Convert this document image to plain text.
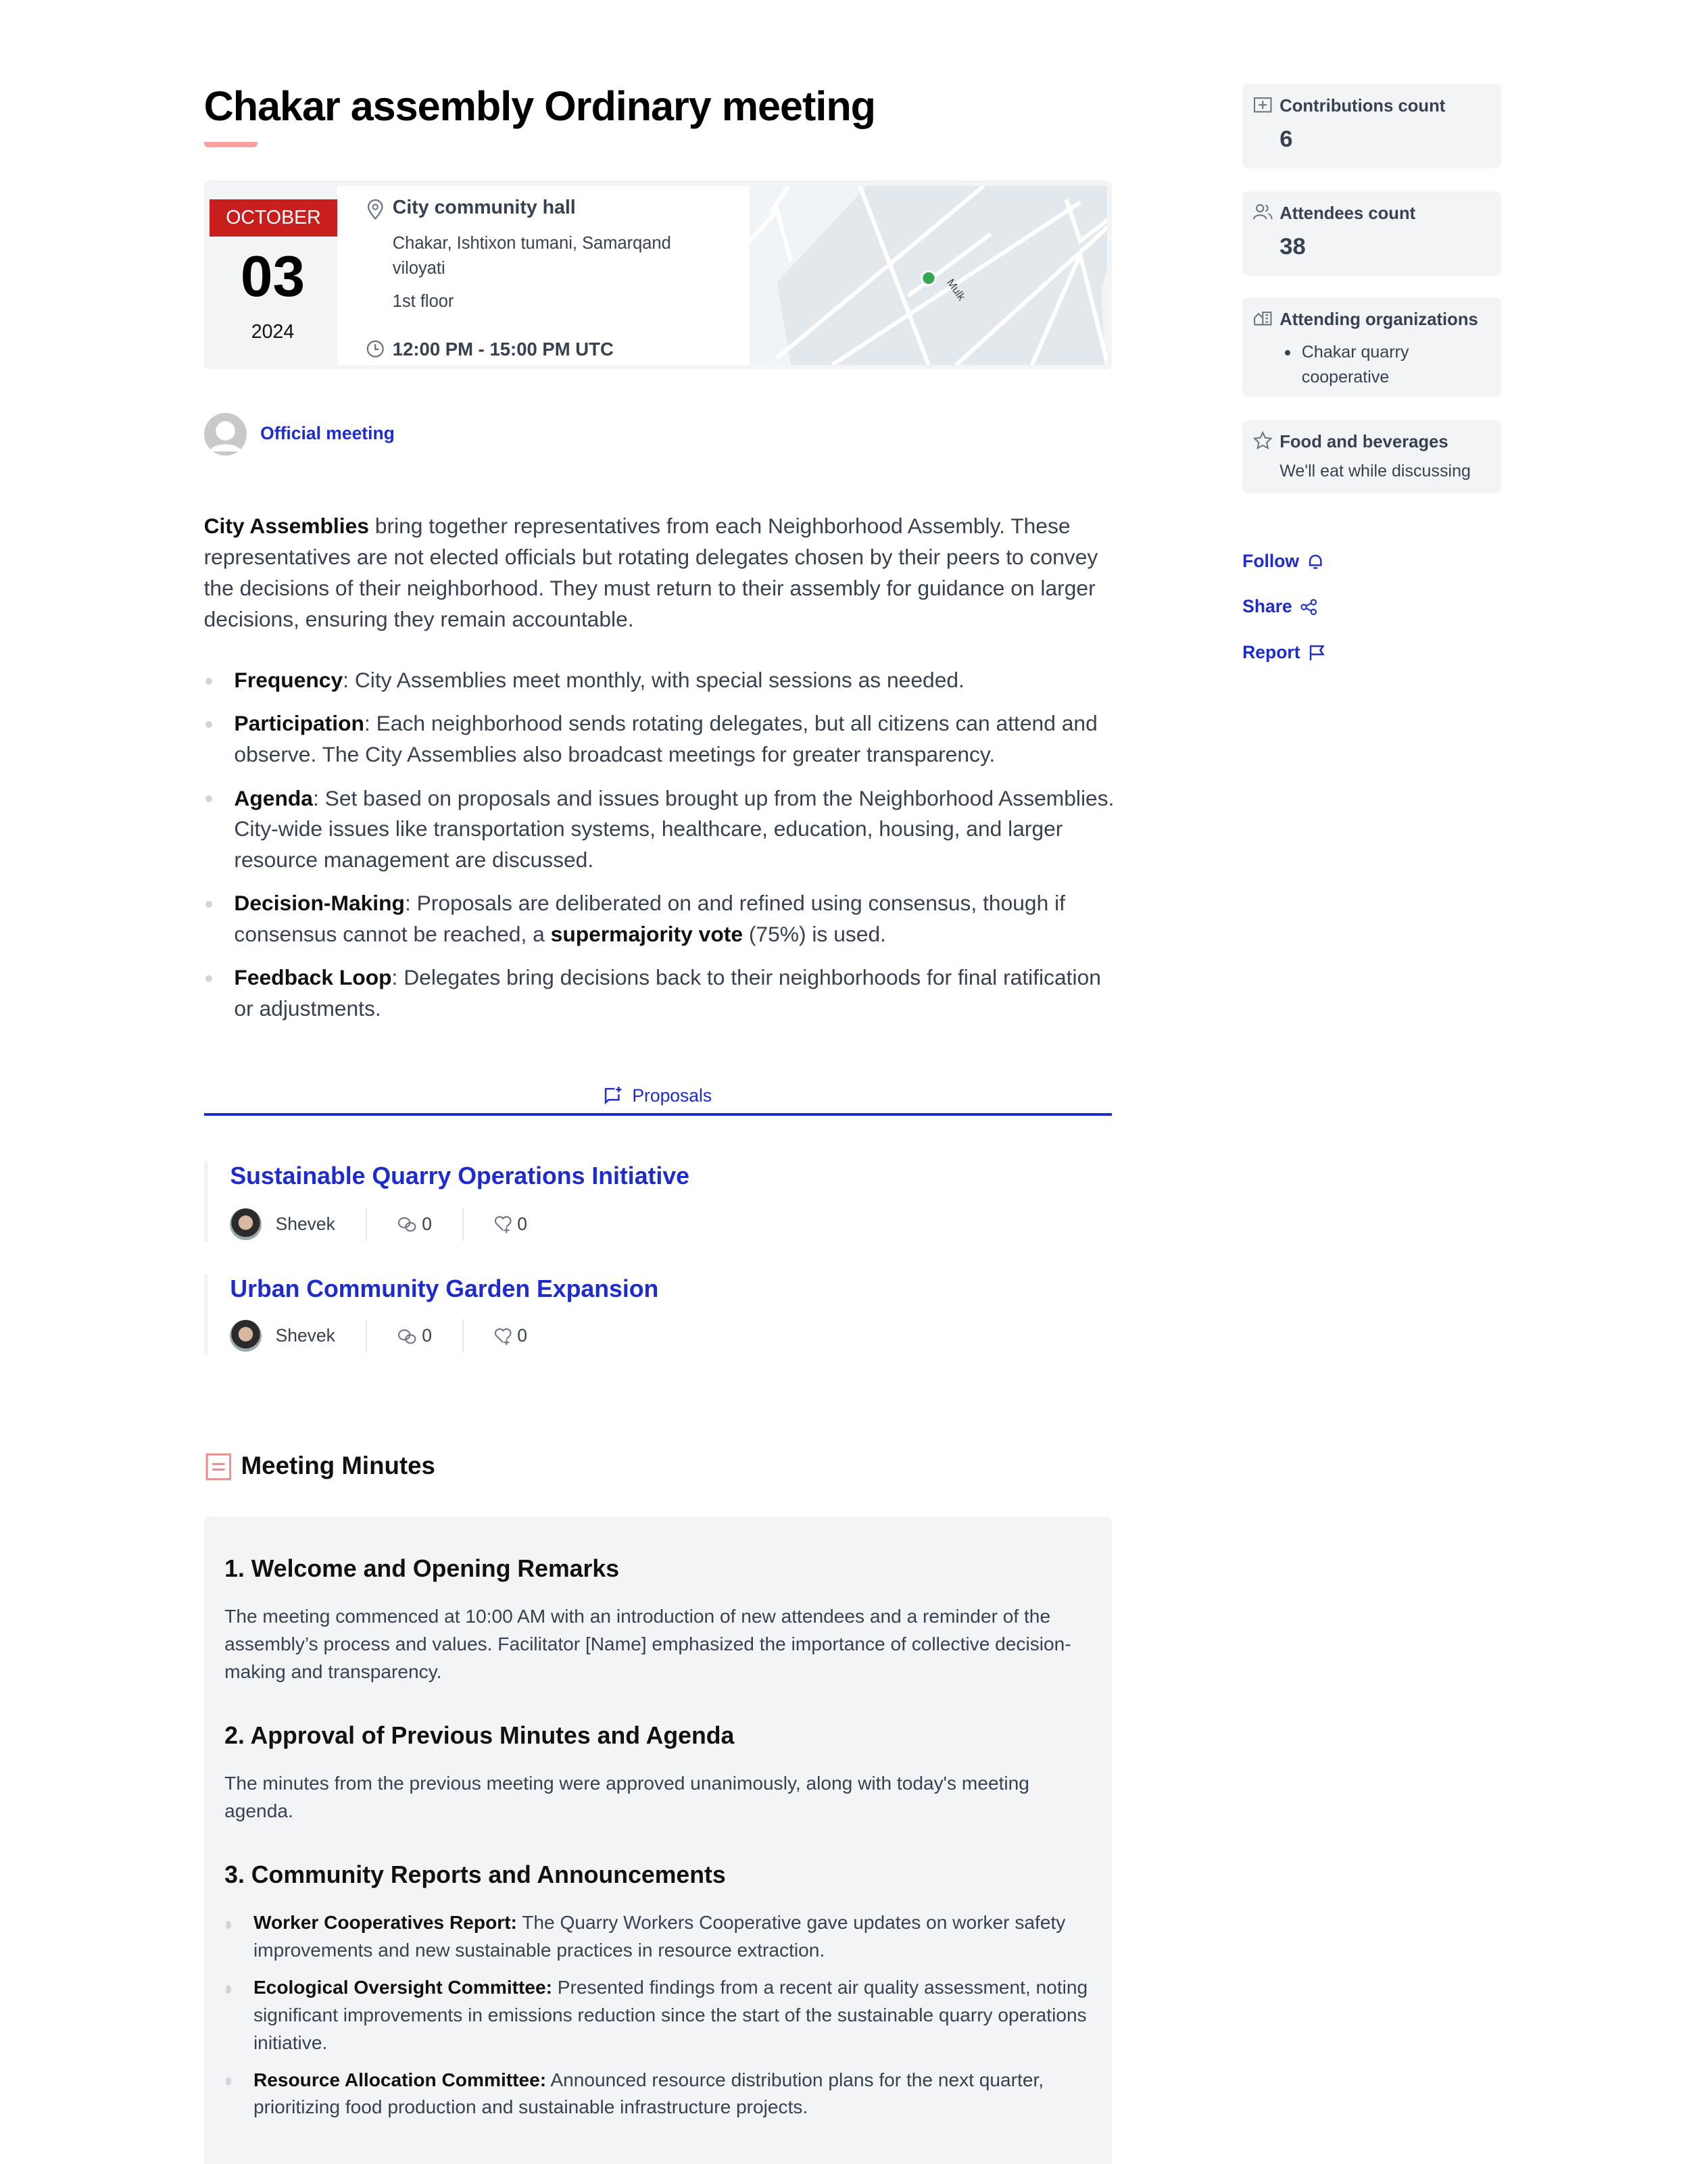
Chakar assembly Ordinary meeting
OCTOBER
03
2024
City community hall
Chakar, Ishtixon tumani, Samarqand viloyati
1st floor
12:00 PM - 15:00 PM UTC
Mulk
Official meeting
City Assemblies bring together representatives from each Neighborhood Assembly. These representatives are not elected officials but rotating delegates chosen by their peers to convey the decisions of their neighborhood. They must return to their assembly for guidance on larger decisions, ensuring they remain accountable.
Frequency: City Assemblies meet monthly, with special sessions as needed.
Participation: Each neighborhood sends rotating delegates, but all citizens can attend and observe. The City Assemblies also broadcast meetings for greater transparency.
Agenda: Set based on proposals and issues brought up from the Neighborhood Assemblies. City-wide issues like transportation systems, healthcare, education, housing, and larger resource management are discussed.
Decision-Making: Proposals are deliberated on and refined using consensus, though if consensus cannot be reached, a supermajority vote (75%) is used.
Feedback Loop: Delegates bring decisions back to their neighborhoods for final ratification or adjustments.
Proposals
Sustainable Quarry Operations Initiative
Shevek	0	0
Urban Community Garden Expansion
Shevek	0	0
Meeting Minutes
1. Welcome and Opening Remarks

The meeting commenced at 10:00 AM with an introduction of new attendees and a reminder of the assembly’s process and values. Facilitator [Name] emphasized the importance of collective decision-making and transparency.

2. Approval of Previous Minutes and Agenda

The minutes from the previous meeting were approved unanimously, along with today's meeting agenda.

3. Community Reports and Announcements
Worker Cooperatives Report: The Quarry Workers Cooperative gave updates on worker safety improvements and new sustainable practices in resource extraction.
Ecological Oversight Committee: Presented findings from a recent air quality assessment, noting significant improvements in emissions reduction since the start of the sustainable quarry operations initiative.
Resource Allocation Committee: Announced resource distribution plans for the next quarter, prioritizing food production and sustainable infrastructure projects.
Contributions count
6
Attendees count
38
Attending organizations
Chakar quarry cooperative
Food and beverages
We'll eat while discussing
Follow
Share
Report
